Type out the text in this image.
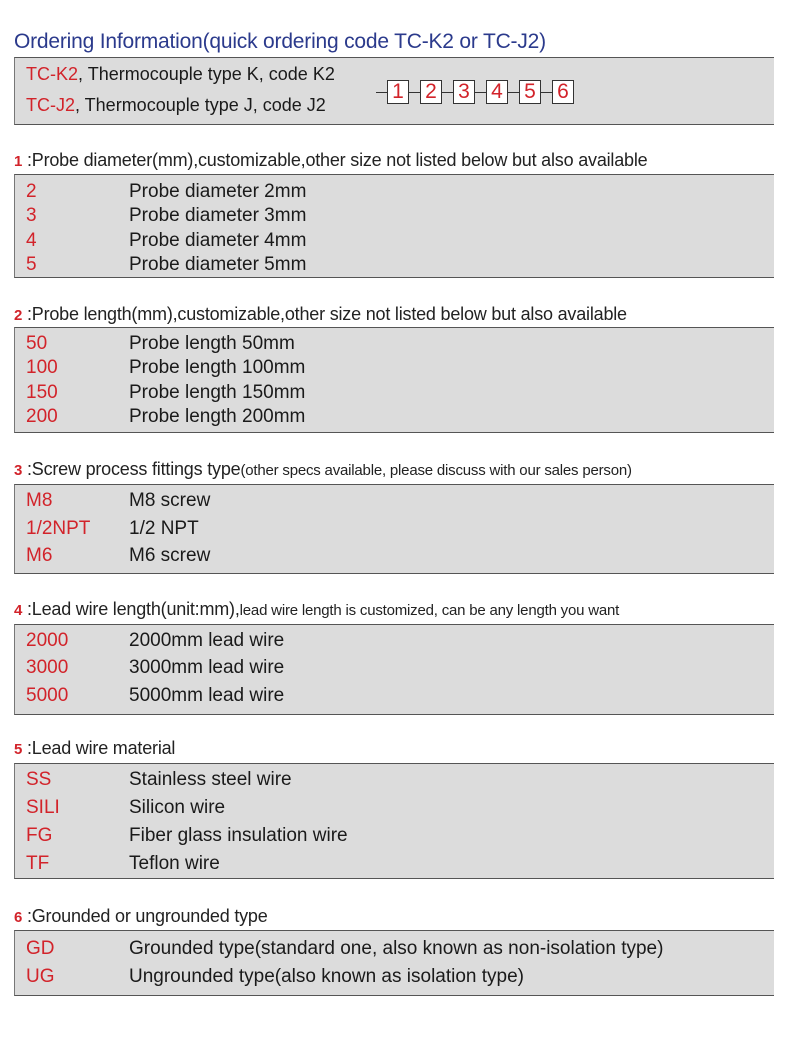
Ordering Information(quick ordering code TC-K2 or TC-J2)
TC-K2, Thermocouple type K, code K2
TC-J2, Thermocouple type J, code J2
1 2 3 4 5 6
1 :Probe diameter(mm),customizable,other size not listed below but also available
2	Probe diameter 2mm
3	Probe diameter 3mm
4	Probe diameter 4mm
5	Probe diameter 5mm
2 :Probe length(mm),customizable,other size not listed below but also available
50	Probe length 50mm
100	Probe length 100mm
150	Probe length 150mm
200	Probe length 200mm
3 :Screw process fittings type(other specs available, please discuss with our sales person)
M8	M8 screw
1/2NPT 1/2 NPT
M6	M6 screw
4 :Lead wire length(unit:mm),lead wire length is customized, can be any length you want
2000	2000mm lead wire
3000	3000mm lead wire
5000	5000mm lead wire
5 :Lead wire material
SS	Stainless steel wire
SILI	Silicon wire
FG	Fiber glass insulation wire
TF	Teflon wire
6 :Grounded or ungrounded type
GD	Grounded type(standard one, also known as non-isolation type)
UG	Ungrounded type(also known as isolation type)
